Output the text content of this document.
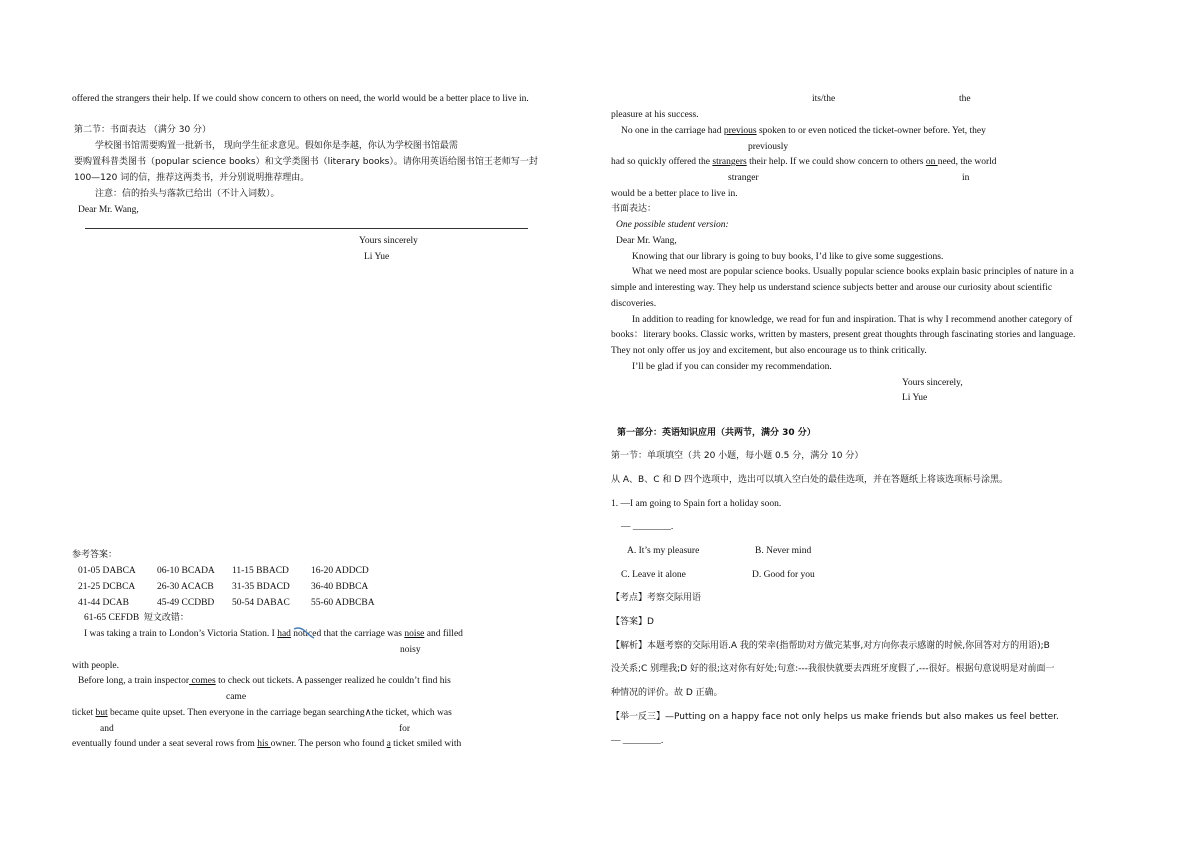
offered the strangers their help. If we could show concern to others on need, the world would be a better place to live in.
第二节：书面表达 （满分 30 分）
学校图书馆需要购置一批新书， 现向学生征求意见。假如你是李越，你认为学校图书馆最需
要购置科普类图书（popular science books）和文学类图书（literary books）。请你用英语给图书馆王老师写一封
100—120 词的信，推荐这两类书，并分别说明推荐理由。
注意：信的抬头与落款已给出（不计入词数）。
Dear Mr. Wang,
Yours sincerely
Li Yue
参考答案：
01-05 DABCA 06-10 BCADA 11-15 BBACD 16-20 ADDCD
21-25 DCBCA 26-30 ACACB 31-35 BDACD 36-40 BDBCA
41-44 DCAB	45-49 CCDBD 50-54 DABAC 55-60 ADBCBA
61-65 CEFDB 短文改错：
I was taking a train to London’s Victoria Station. I had noticed that the carriage was noise and filled
noisy
with people.
Before long, a train inspector comes to check out tickets. A passenger realized he couldn’t find his
came
ticket but became quite upset. Then everyone in the carriage began searching∧the ticket, which was
and	for
eventually found under a seat several rows from his owner. The person who found a ticket smiled with
its/the	the
pleasure at his success.
No one in the carriage had previous spoken to or even noticed the ticket-owner before. Yet, they
previously
had so quickly offered the strangers their help. If we could show concern to others on need, the world
stranger	in
would be a better place to live in.
书面表达：
One possible student version:
Dear Mr. Wang,
Knowing that our library is going to buy books, I’d like to give some suggestions.
What we need most are popular science books. Usually popular science books explain basic principles of nature in a
simple and interesting way. They help us understand science subjects better and arouse our curiosity about scientific
discoveries.
In addition to reading for knowledge, we read for fun and inspiration. That is why I recommend another category of
books：literary books. Classic works, written by masters, present great thoughts through fascinating stories and language.
They not only offer us joy and excitement, but also encourage us to think critically.
I’ll be glad if you can consider my recommendation.
Yours sincerely,
Li Yue
第一部分：英语知识应用（共两节，满分 30 分）
第一节：单项填空（共 20 小题，每小题 0.5 分，满分 10 分）
从 A、B、C 和 D 四个选项中，选出可以填入空白处的最佳选项，并在答题纸上将该选项标号涂黑。
1. —I am going to Spain fort a holiday soon.
— ________.
A. It’s my pleasure	B. Never mind
C. Leave it alone	D. Good for you
【考点】考察交际用语
【答案】D
【解析】本题考察的交际用语.A 我的荣幸(指帮助对方做完某事,对方向你表示感谢的时候,你回答对方的用语);B
没关系;C 别理我;D 好的很;这对你有好处;句意:---我很快就要去西班牙度假了,---很好。根据句意说明是对前面一
种情况的评价。故 D 正确。
【举一反三】—Putting on a happy face not only helps us make friends but also makes us feel better.
— ________.
